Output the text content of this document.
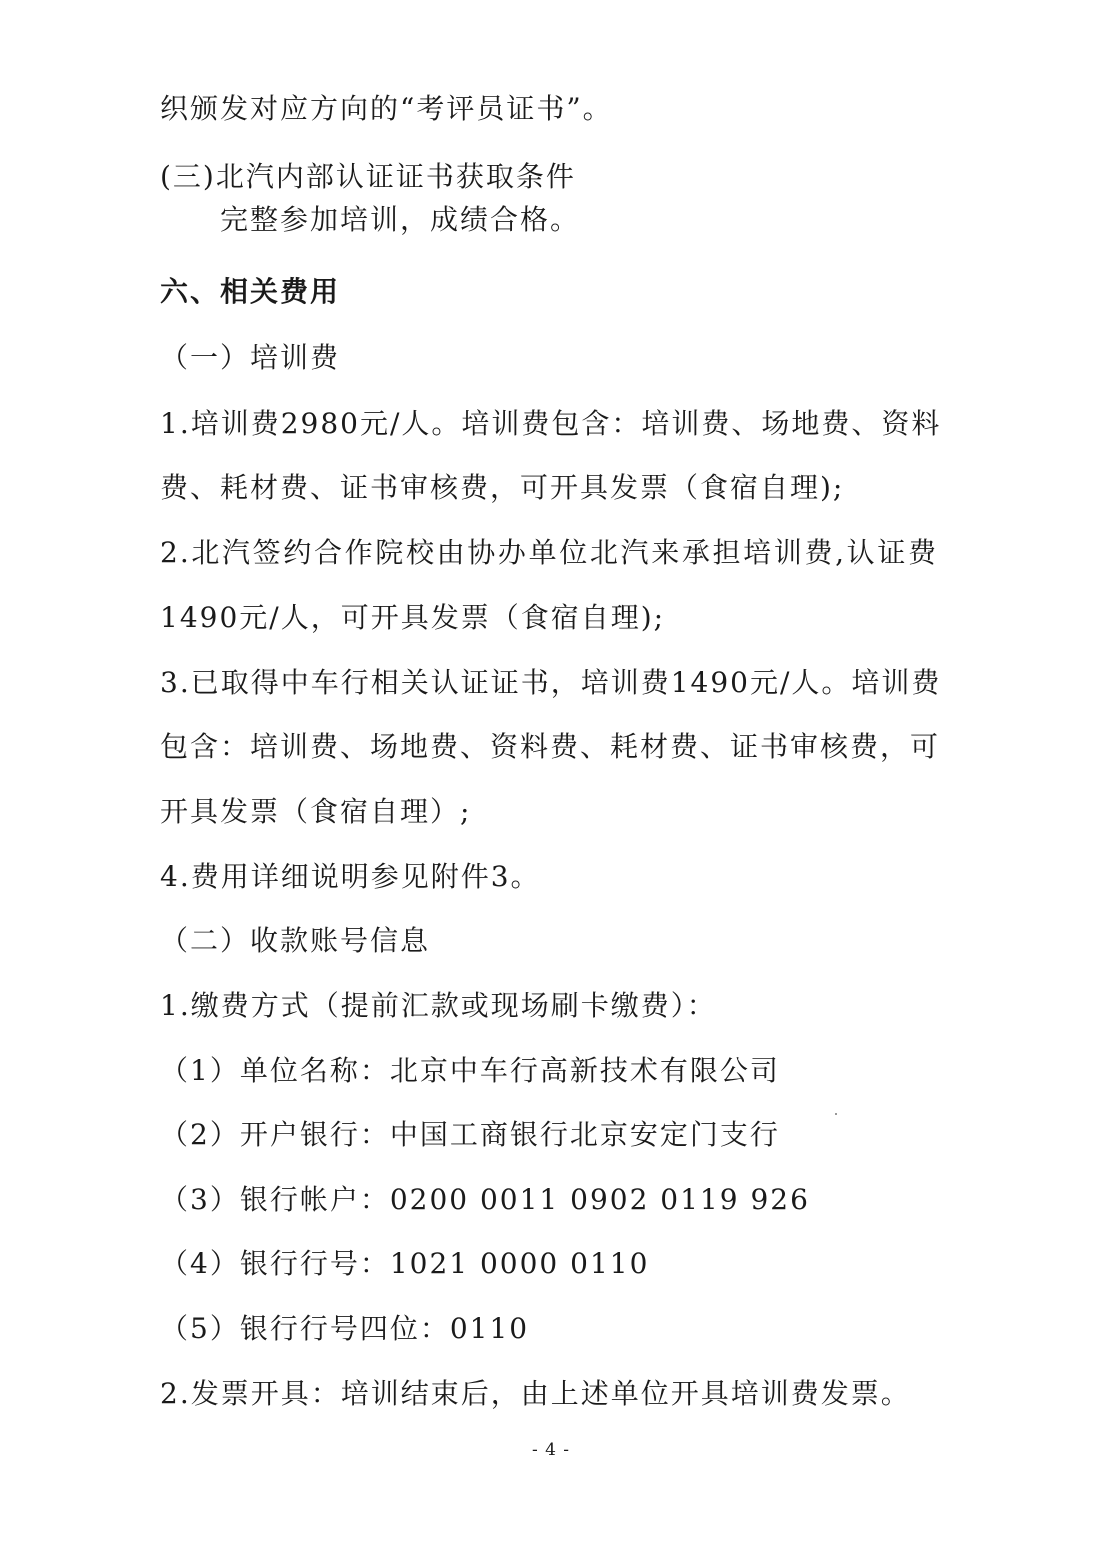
织颁发对应方向的“考评员证书”。
(三)北汽内部认证证书获取条件
完整参加培训，成绩合格。
六、相关费用
（一）培训费
1.培训费2980元/人。培训费包含：培训费、场地费、资料
费、耗材费、证书审核费，可开具发票（食宿自理);
2.北汽签约合作院校由协办单位北汽来承担培训费,认证费
1490元/人，可开具发票（食宿自理);
3.已取得中车行相关认证证书，培训费1490元/人。培训费
包含：培训费、场地费、资料费、耗材费、证书审核费，可
开具发票（食宿自理）;
4.费用详细说明参见附件3。
（二）收款账号信息
1.缴费方式（提前汇款或现场刷卡缴费）：
（1）单位名称：北京中车行高新技术有限公司
（2）开户银行：中国工商银行北京安定门支行
（3）银行帐户：0200 0011 0902 0119 926
（4）银行行号：1021 0000 0110
（5）银行行号四位：0110
2.发票开具：培训结束后，由上述单位开具培训费发票。
- 4 -
